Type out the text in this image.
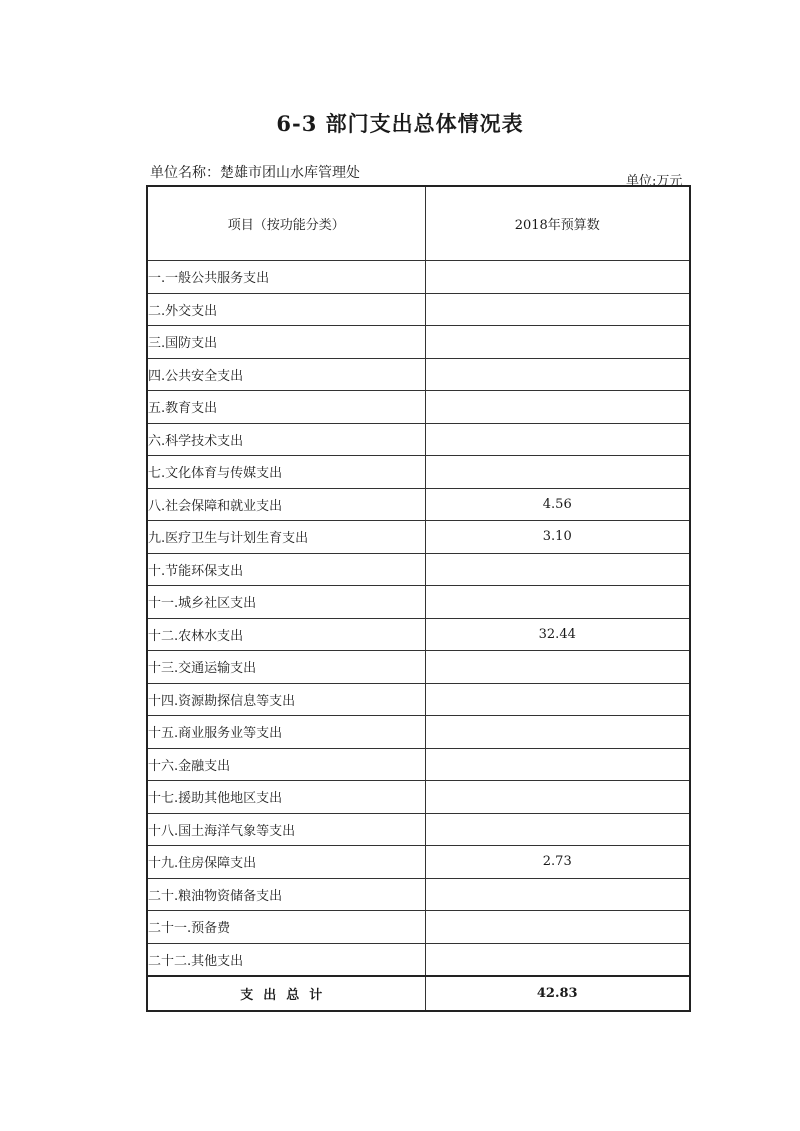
6-3 部门支出总体情况表
单位名称：楚雄市团山水库管理处
单位:万元
项目（按功能分类）	2018年预算数
一.一般公共服务支出	
二.外交支出	
三.国防支出	
四.公共安全支出	
五.教育支出	
六.科学技术支出	
七.文化体育与传媒支出	
八.社会保障和就业支出	4.56
九.医疗卫生与计划生育支出	3.10
十.节能环保支出	
十一.城乡社区支出	
十二.农林水支出	32.44
十三.交通运输支出	
十四.资源勘探信息等支出	
十五.商业服务业等支出	
十六.金融支出	
十七.援助其他地区支出	
十八.国土海洋气象等支出	
十九.住房保障支出	2.73
二十.粮油物资储备支出	
二十一.预备费	
二十二.其他支出	
支出总计	42.83
